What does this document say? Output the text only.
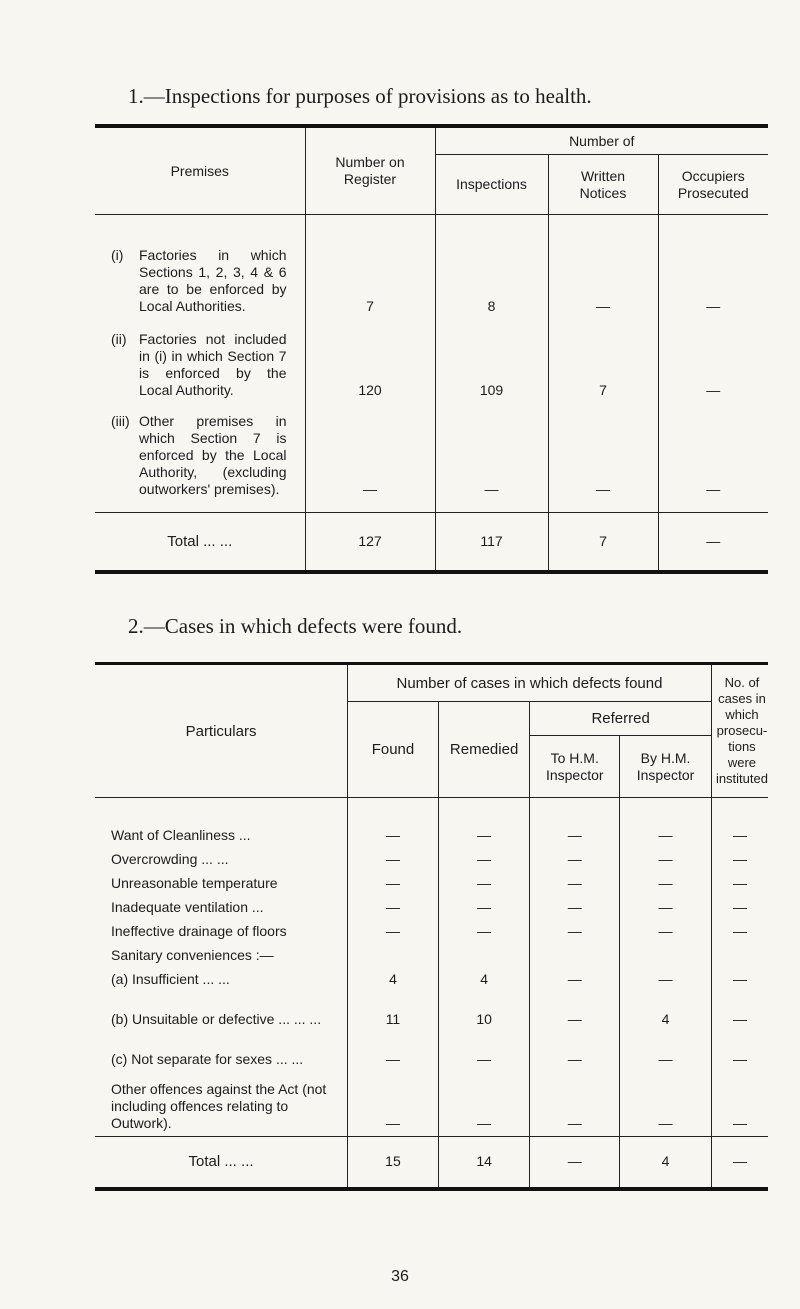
1.—Inspections for purposes of provisions as to health.
Premises	Number on Register	Number of		
		Inspections	Written Notices	Occupiers Prosecuted

(i) Factories in which Sections 1, 2, 3, 4 & 6 are to be enforced by Local Authorities.	7	8	—	—

(ii) Factories not included in (i) in which Section 7 is enforced by the Local Authority.	120	109	7	—

(iii) Other premises in which Section 7 is enforced by the Local Authority, (excluding outworkers' premises).	—	—	—	—
Total ... ...	127	117	7	—
2.—Cases in which defects were found.
Particulars	Number of cases in which defects found				No. of cases in which prosecu-tions were instituted
	Found	Remedied	Referred		
			To H.M. Inspector	By H.M. Inspector	

Want of Cleanliness ...	—	—	—	—	—
Overcrowding ... ...	—	—	—	—	—
Unreasonable temperature	—	—	—	—	—
Inadequate ventilation ...	—	—	—	—	—
Ineffective drainage of floors	—	—	—	—	—
Sanitary conveniences :—					
(a) Insufficient ... ...	4	4	—	—	—
(b) Unsuitable or defective ... ... ...	11	10	—	4	—
(c) Not separate for sexes ... ...	—	—	—	—	—
Other offences against the Act (not including offences relating to Outwork).	—	—	—	—	—
Total ... ...	15	14	—	4	—
36
